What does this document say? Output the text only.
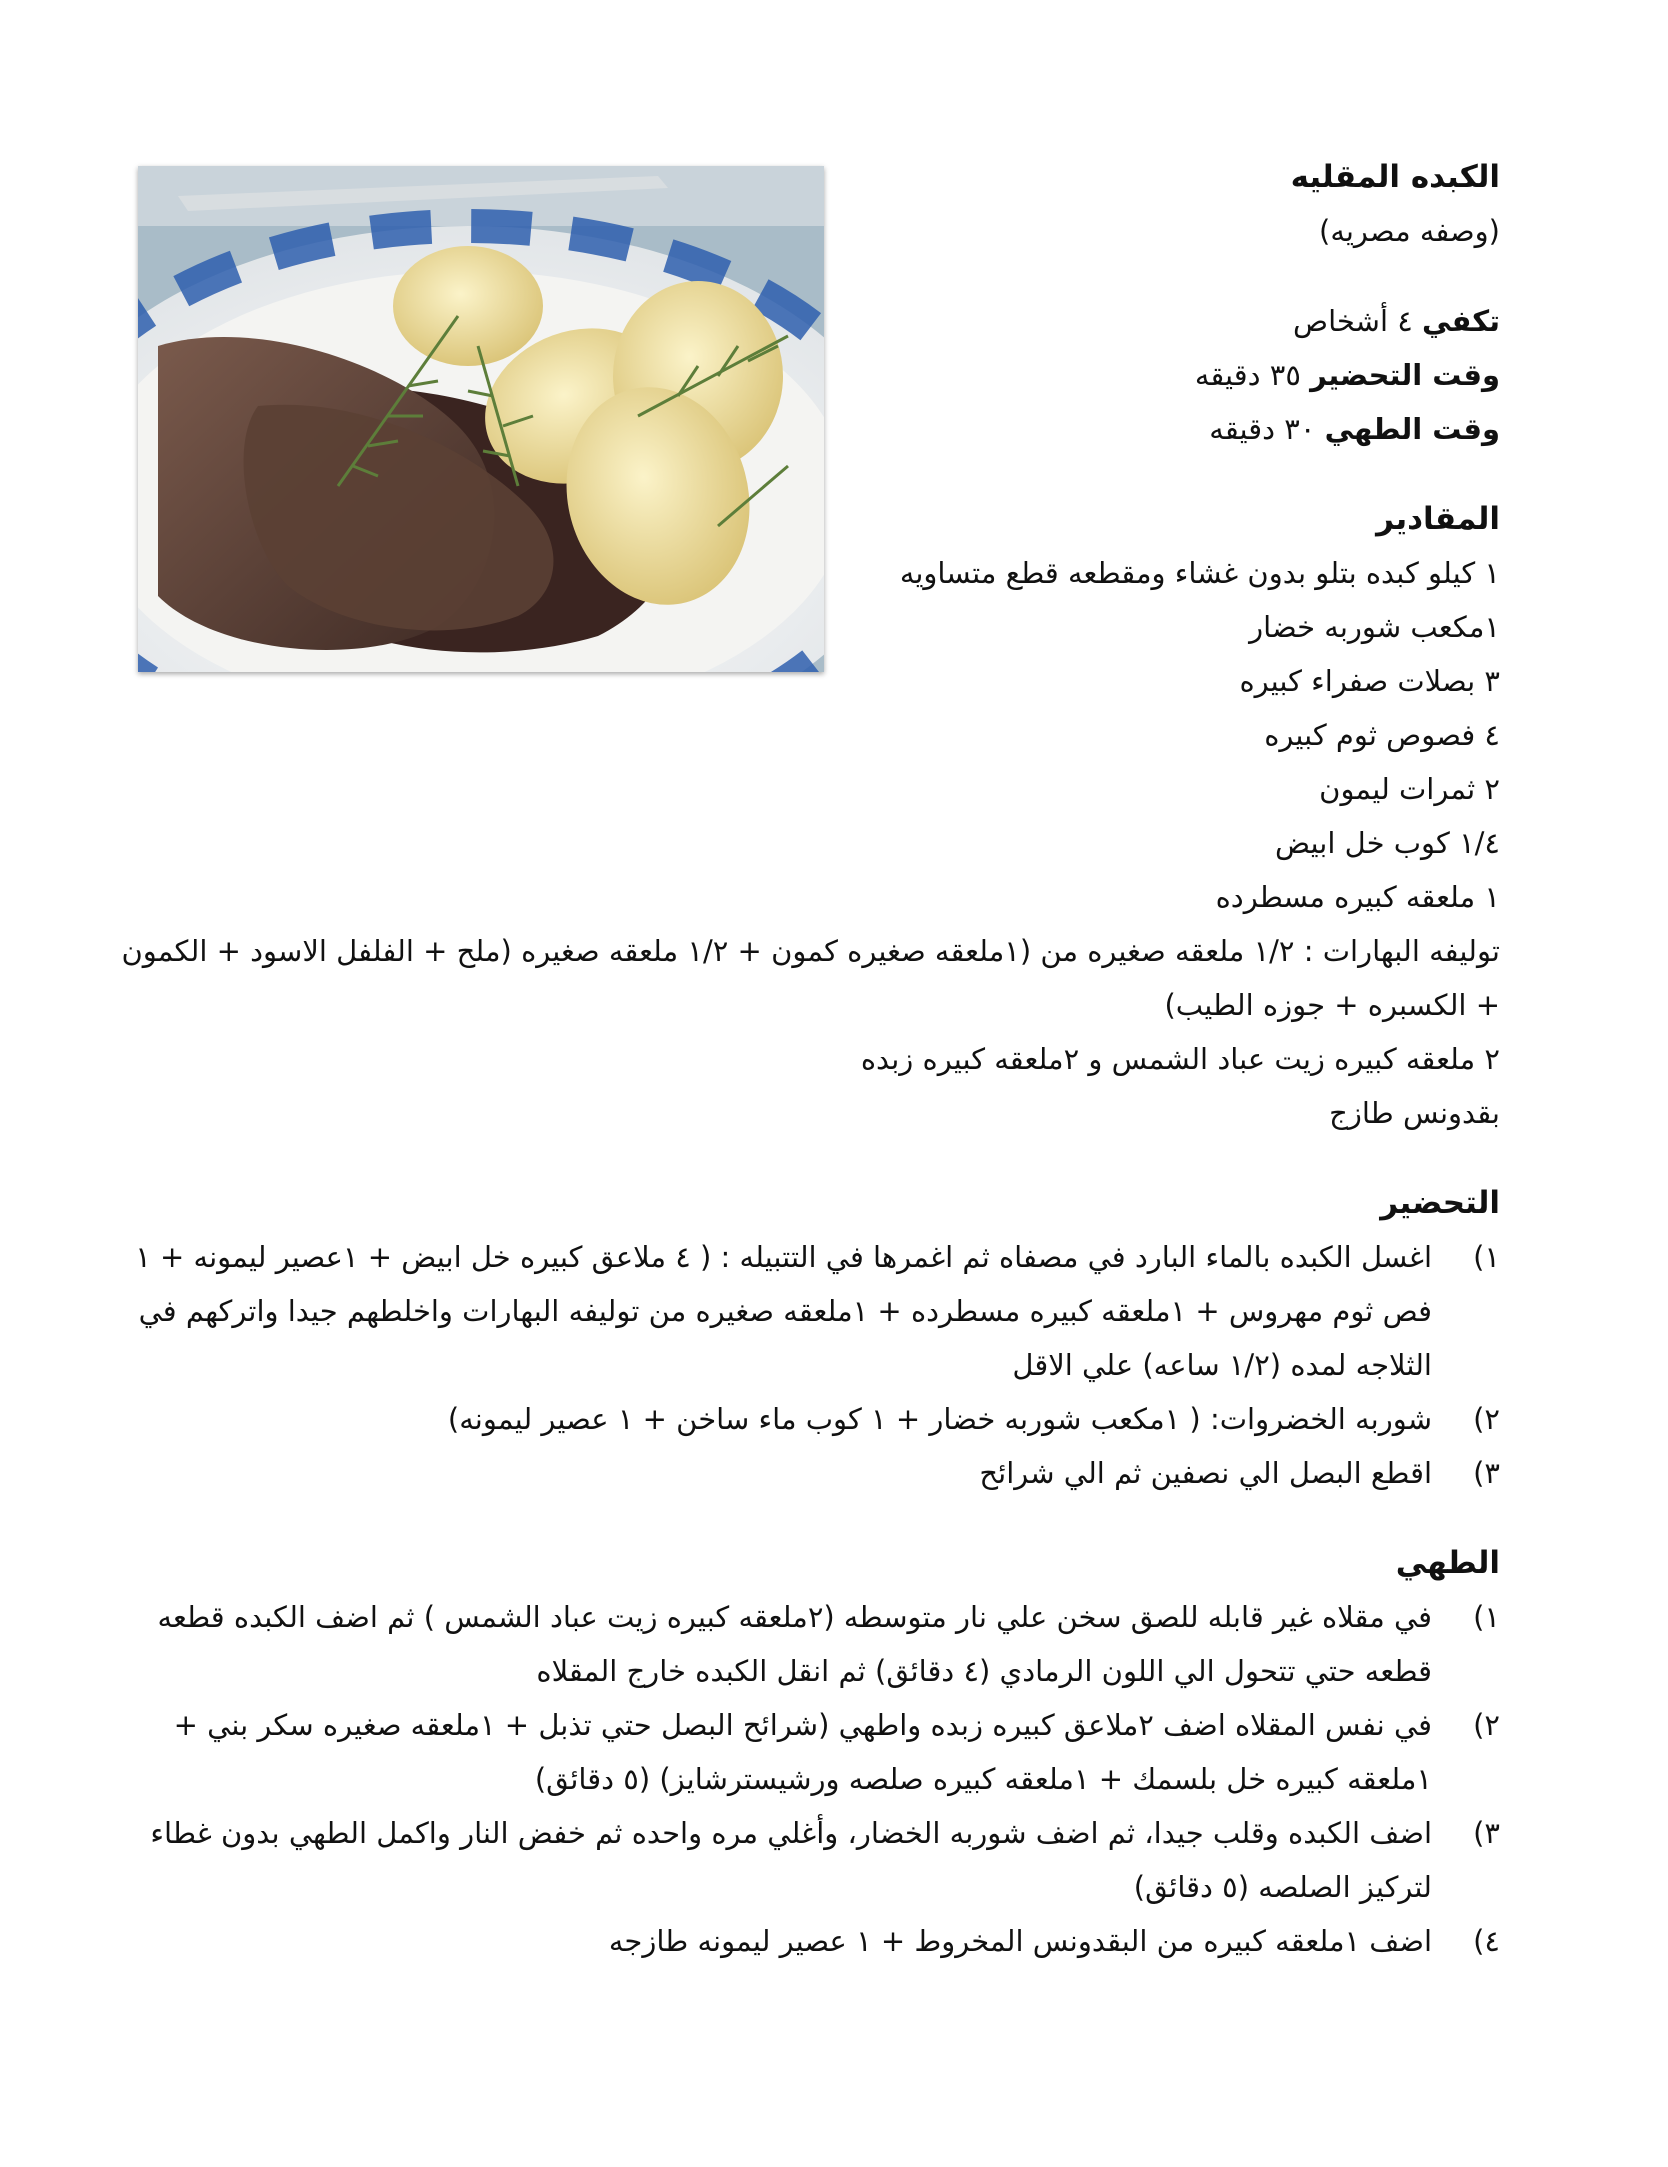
الكبده المقليه
(وصفه مصريه)
تكفي ٤ أشخاص
وقت التحضير ٣٥ دقيقه
وقت الطهي ٣٠ دقيقه
المقادير
١ كيلو كبده بتلو بدون غشاء ومقطعه قطع متساويه
١مكعب شوربه خضار
٣ بصلات صفراء كبيره
٤ فصوص ثوم كبيره
٢ ثمرات ليمون
١/٤ كوب خل ابيض
١ ملعقه كبيره مسطرده
توليفه البهارات : ١/٢ ملعقه صغيره من (١ملعقه صغيره كمون + ١/٢ ملعقه صغيره (ملح + الفلفل الاسود + الكمون + الكسبره + جوزه الطيب)
٢ ملعقه كبيره زيت عباد الشمس و ٢ملعقه كبيره زبده
بقدونس طازج
التحضير
١)
اغسل الكبده بالماء البارد في مصفاه ثم اغمرها في التتبيله : ( ٤ ملاعق كبيره خل ابيض + ١عصير ليمونه + ١ فص ثوم مهروس + ١ملعقه كبيره مسطرده + ١ملعقه صغيره من توليفه البهارات واخلطهم جيدا واتركهم في الثلاجه لمده (١/٢ ساعه) علي الاقل
٢)
شوربه الخضروات: ( ١مكعب شوربه خضار + ١ كوب ماء ساخن + ١ عصير ليمونه)
٣)
اقطع البصل الي نصفين ثم الي شرائح
الطهي
١)
في مقلاه غير قابله للصق سخن علي نار متوسطه (٢ملعقه كبيره زيت عباد الشمس ) ثم اضف الكبده قطعه قطعه حتي تتحول الي اللون الرمادي (٤ دقائق) ثم انقل الكبده خارج المقلاه
٢)
في نفس المقلاه اضف ٢ملاعق كبيره زبده واطهي (شرائح البصل حتي تذبل + ١ملعقه صغيره سكر بني + ١ملعقه كبيره خل بلسمك + ١ملعقه كبيره صلصه ورشيسترشايز) (٥ دقائق)
٣)
اضف الكبده وقلب جيدا، ثم اضف شوربه الخضار، وأغلي مره واحده ثم خفض النار واكمل الطهي بدون غطاء لتركيز الصلصه (٥ دقائق)
٤)
اضف ١ملعقه كبيره من البقدونس المخروط + ١ عصير ليمونه طازجه
